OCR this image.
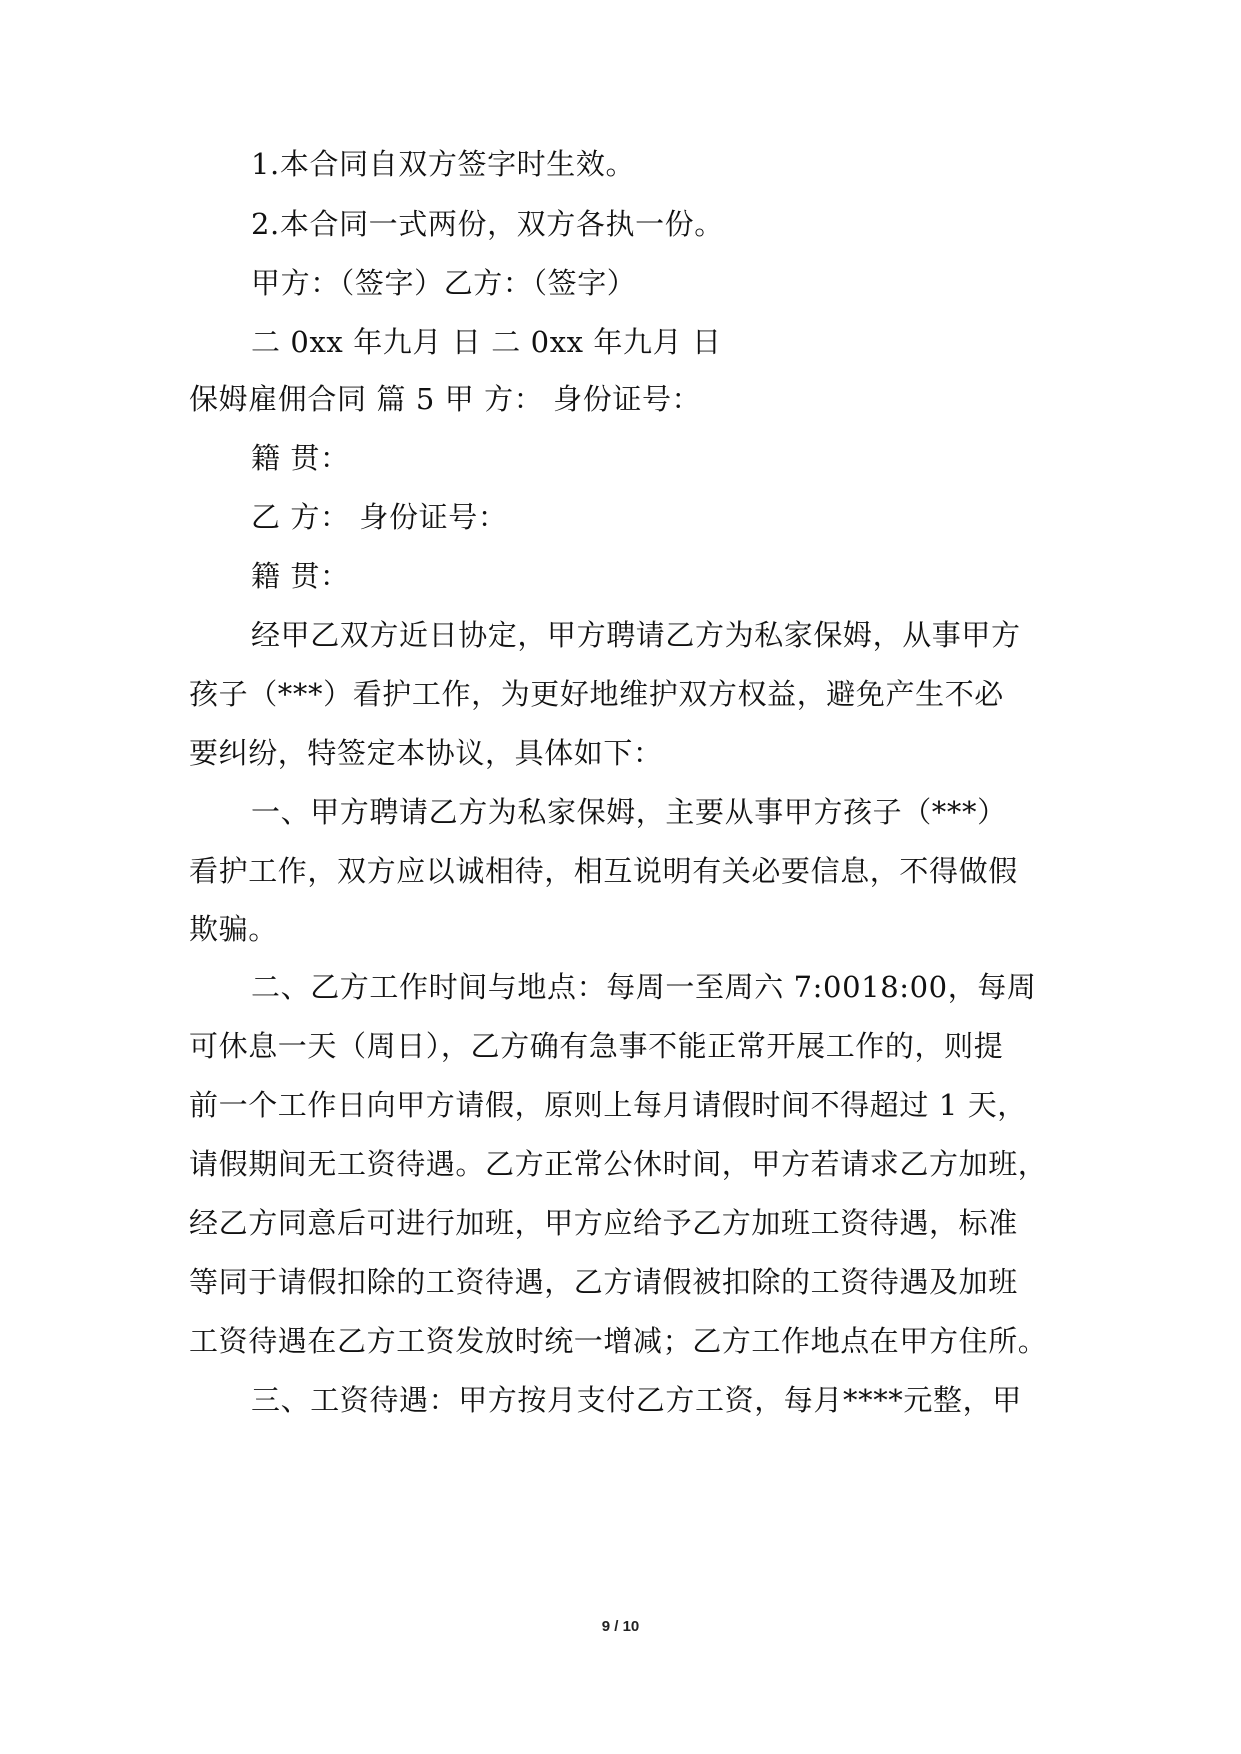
1.本合同自双方签字时生效。

2.本合同一式两份，双方各执一份。

甲方：（签字）乙方：（签字）

二 0xx 年九月 日 二 0xx 年九月 日

保姆雇佣合同 篇 5 甲 方： 身份证号：

籍 贯：

乙 方： 身份证号：

籍 贯：

经甲乙双方近日协定，甲方聘请乙方为私家保姆，从事甲方

孩子（***）看护工作，为更好地维护双方权益，避免产生不必

要纠纷，特签定本协议，具体如下：

一、甲方聘请乙方为私家保姆，主要从事甲方孩子（***）

看护工作，双方应以诚相待，相互说明有关必要信息，不得做假

欺骗。

二、乙方工作时间与地点：每周一至周六 7:0018:00，每周

可休息一天（周日），乙方确有急事不能正常开展工作的，则提

前一个工作日向甲方请假，原则上每月请假时间不得超过 1 天，

请假期间无工资待遇。乙方正常公休时间，甲方若请求乙方加班，

经乙方同意后可进行加班，甲方应给予乙方加班工资待遇，标准

等同于请假扣除的工资待遇，乙方请假被扣除的工资待遇及加班

工资待遇在乙方工资发放时统一增减；乙方工作地点在甲方住所。

三、工资待遇：甲方按月支付乙方工资，每月****元整，甲

9 / 10
